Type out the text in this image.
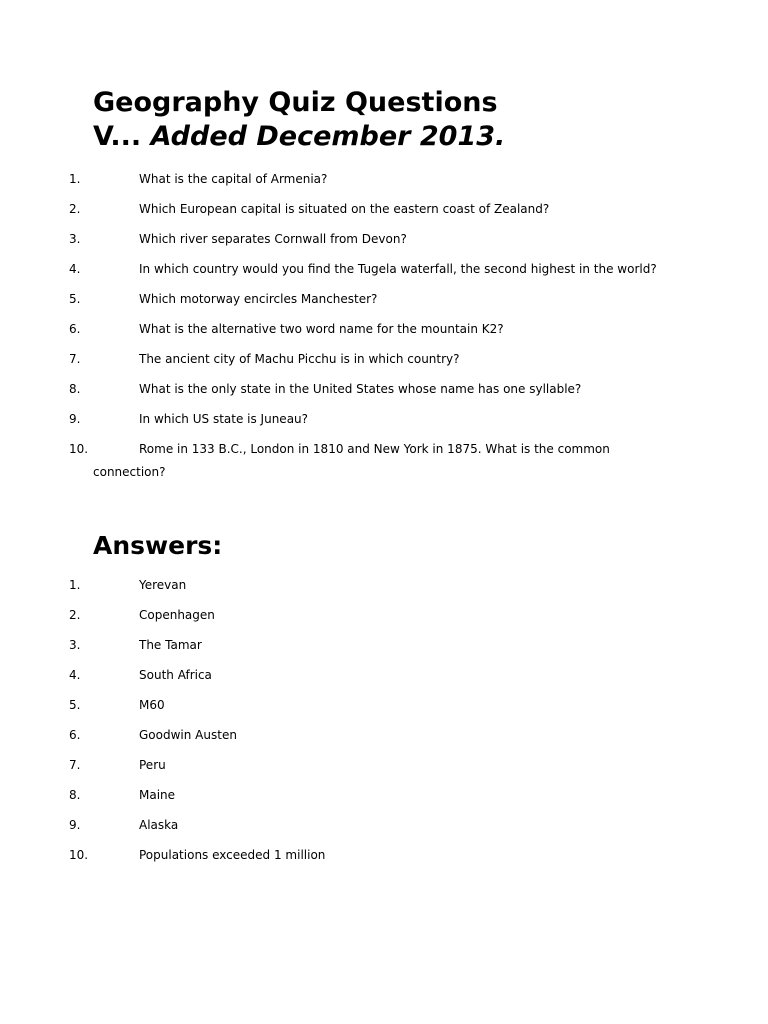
Geography Quiz Questions
V... Added December 2013.
1.	What is the capital of Armenia?
2.	Which European capital is situated on the eastern coast of Zealand?
3.	Which river separates Cornwall from Devon?
4.	In which country would you find the Tugela waterfall, the second highest in the world?
5.	Which motorway encircles Manchester?
6.	What is the alternative two word name for the mountain K2?
7.	The ancient city of Machu Picchu is in which country?
8.	What is the only state in the United States whose name has one syllable?
9.	In which US state is Juneau?
10.	Rome in 133 B.C., London in 1810 and New York in 1875. What is the common
connection?
Answers:
1.	Yerevan
2.	Copenhagen
3.	The Tamar
4.	South Africa
5.	M60
6.	Goodwin Austen
7.	Peru
8.	Maine
9.	Alaska
10.	Populations exceeded 1 million
